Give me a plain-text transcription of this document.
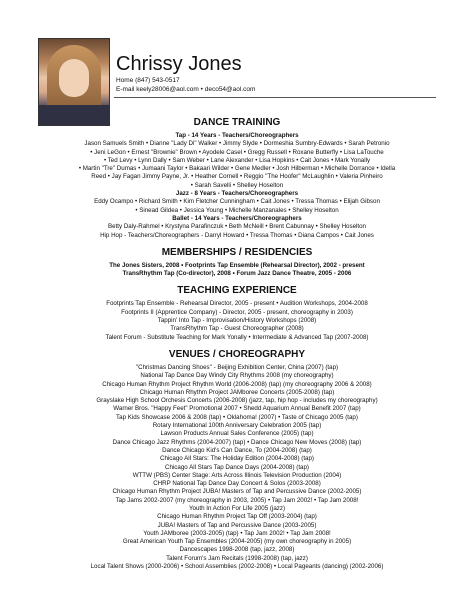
Chrissy Jones
Home (847) 543-0517
E-mail keely28006@aol.com • deco54@aol.com
DANCE TRAINING
Tap - 14 Years - Teachers/Choreographers
Jason Samuels Smith • Dianne "Lady Di" Walker • Jimmy Slyde • Dormeshia Sumbry-Edwards • Sarah Petronio
• Jeni LeGon • Ernest "Brownie" Brown • Ayodele Casel • Gregg Russell • Roxane Butterfly • Lisa LaTouche
• Ted Levy • Lynn Dally • Sam Weber • Lane Alexander • Lisa Hopkins • Cait Jones • Mark Yonally
• Martin "Tre" Dumas • Jumaani Taylor • Bakaari Wilder • Gene Medler • Josh Hilberman • Michelle Dorrance • Idella
Reed • Jay Fagan Jimmy Payne, Jr. • Heather Cornell • Reggio "The Hoofer" McLaughlin • Valeria Pinheiro
• Sarah Savelli • Shelley Hoselton
Jazz - 8 Years - Teachers/Choreographers
Eddy Ocampo • Richard Smith • Kim Fletcher Cunningham • Cait Jones • Tressa Thomas • Elijah Gibson
• Sinead Gildea • Jessica Young • Michelle Manzanales • Shelley Hoselton
Ballet - 14 Years - Teachers/Choreographers
Betty Daly-Rahmel • Krystyna Parafinczuk • Beth McNeill • Brent Cabunnay • Shelley Hoselton
Hip Hop - Teachers/Choreographers - Darryl Howard • Tressa Thomas • Diana Campos • Cait Jones
MEMBERSHIPS / RESIDENCIES
The Jones Sisters, 2008 • Footprints Tap Ensemble (Rehearsal Director), 2002 - present
TransRhythm Tap (Co-director), 2008 • Forum Jazz Dance Theatre, 2005 - 2006
TEACHING EXPERIENCE
Footprints Tap Ensemble - Rehearsal Director, 2005 - present • Audition Workshops, 2004-2008
Footprints II (Apprentice Company) - Director, 2005 - present, choreography in 2003)
Tappin' Into Tap - Improvisation/History Workshops (2008)
TransRhythm Tap - Guest Choreographer (2008)
Talent Forum - Substitute Teaching for Mark Yonally • Intermediate & Advanced Tap (2007-2008)
VENUES / CHOREOGRAPHY
"Christmas Dancing Shoes" - Beijing Exhibition Center, China (2007) (tap)
National Tap Dance Day Windy City Rhythms 2008 (my choreography)
Chicago Human Rhythm Project Rhythm World (2006-2008) (tap) (my choreography 2006 & 2008)
Chicago Human Rhythm Project JAMboree Concerts (2005-2008) (tap)
Grayslake High School Orchesis Concerts (2006-2008) (jazz, tap, hip hop - includes my choreography)
Warner Bros. "Happy Feet" Promotional 2007 • Shedd Aquarium Annual Benefit 2007 (tap)
Tap Kids Showcase 2006 & 2008 (tap) • Oklahoma! (2007) • Taste of Chicago 2005 (tap)
Rotary International 100th Anniversary Celebration 2005 (tap)
Lawson Products Annual Sales Conference (2005) (tap)
Dance Chicago Jazz Rhythms (2004-2007) (tap) • Dance Chicago New Moves (2008) (tap)
Dance Chicago Kid's Can Dance, To (2004-2008) (tap)
Chicago All Stars: The Holiday Edition (2004-2008) (tap)
Chicago All Stars Tap Dance Days (2004-2008) (tap)
WTTW (PBS) Center Stage: Arts Across Illinois Television Production (2004)
CHRP National Tap Dance Day Concert & Solos (2003-2008)
Chicago Human Rhythm Project JUBA! Masters of Tap and Percussive Dance (2002-2005)
Tap Jams 2002-2007 (my choreography in 2003, 2005) • Tap Jam 2002! • Tap Jam 2008!
Youth In Action For Life 2005 (jazz)
Chicago Human Rhythm Project Tap Off (2003-2004) (tap)
JUBA! Masters of Tap and Percussive Dance (2003-2005)
Youth JAMboree (2003-2005) (tap) • Tap Jam 2002! • Tap Jam 2008!
Great American Youth Tap Ensembles (2004-2005) (my own choreography in 2005)
Dancescapes 1998-2008 (tap, jazz, 2008)
Talent Forum's Jam Recitals (1998-2008) (tap, jazz)
Local Talent Shows (2000-2006) • School Assemblies (2002-2008) • Local Pageants (dancing) (2002-2006)
